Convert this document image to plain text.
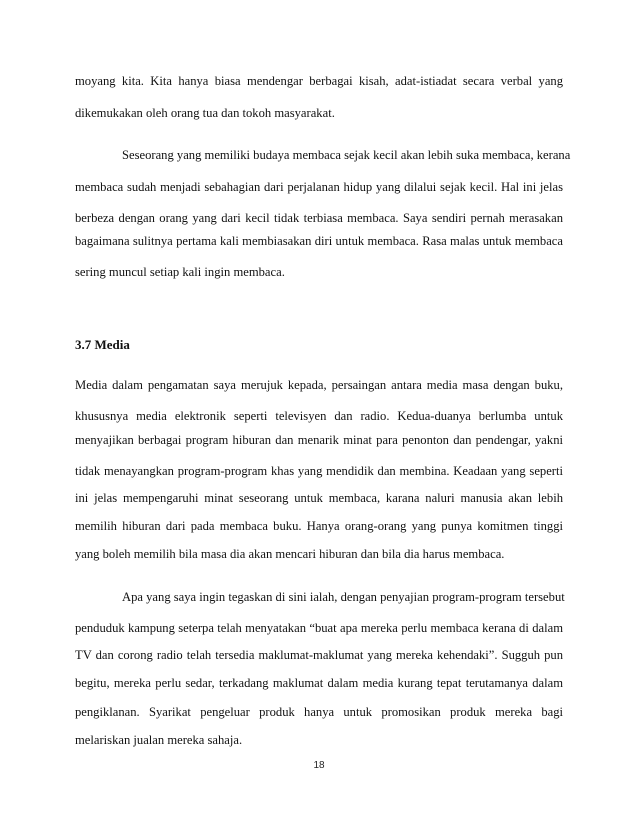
moyang kita. Kita hanya biasa mendengar berbagai kisah, adat-istiadat secara verbal yang
dikemukakan oleh orang tua dan tokoh masyarakat.
Seseorang yang memiliki budaya membaca sejak kecil akan lebih suka membaca, kerana
membaca sudah menjadi sebahagian dari perjalanan hidup yang dilalui sejak kecil. Hal ini jelas
berbeza dengan orang yang dari kecil tidak terbiasa membaca. Saya sendiri pernah merasakan
bagaimana sulitnya pertama kali membiasakan diri untuk membaca. Rasa malas untuk membaca
sering muncul setiap kali ingin membaca.
3.7 Media
Media dalam pengamatan saya merujuk kepada, persaingan antara media masa dengan buku,
khususnya media elektronik seperti televisyen dan radio. Kedua-duanya berlumba untuk
menyajikan berbagai program hiburan dan menarik minat para penonton dan pendengar, yakni
tidak menayangkan program-program khas yang mendidik dan membina. Keadaan yang seperti
ini jelas mempengaruhi minat seseorang untuk membaca, karana naluri manusia akan lebih
memilih hiburan dari pada membaca buku. Hanya orang-orang yang punya komitmen tinggi
yang boleh memilih bila masa dia akan mencari hiburan dan bila dia harus membaca.
Apa yang saya ingin tegaskan di sini ialah, dengan penyajian program-program tersebut
penduduk kampung seterpa telah menyatakan “buat apa mereka perlu membaca kerana di dalam
TV dan corong radio telah tersedia maklumat-maklumat yang mereka kehendaki”. Sugguh pun
begitu, mereka perlu sedar, terkadang maklumat dalam media kurang tepat terutamanya dalam
pengiklanan. Syarikat pengeluar produk hanya untuk promosikan produk mereka bagi
melariskan jualan mereka sahaja.
18
